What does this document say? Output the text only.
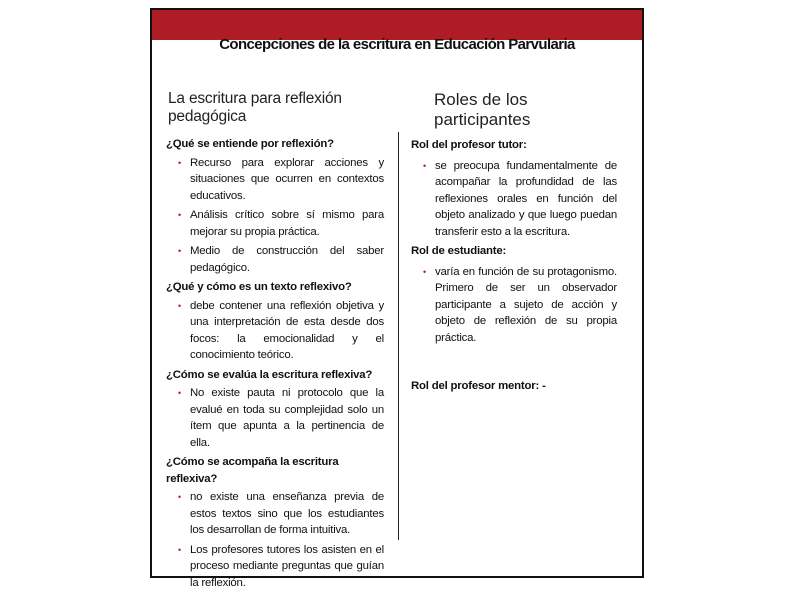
Concepciones de la escritura en Educación Parvularia
La escritura para reflexión pedagógica
Roles de los participantes

¿Qué se entiende por reflexión?

• Recurso para explorar acciones y situaciones que ocurren en contextos educativos.
• Análisis crítico sobre sí mismo para mejorar su propia práctica.
• Medio de construcción del saber pedagógico.

¿Qué y cómo es un texto reflexivo?

• debe contener una reflexión objetiva y una interpretación de esta desde dos focos: la emocionalidad y el conocimiento teórico.

¿Cómo se evalúa la escritura reflexiva?

• No existe pauta ni protocolo que la evalué en toda su complejidad solo un ítem que apunta a la pertinencia de ella.

¿Cómo se acompaña la escritura reflexiva?

• no existe una enseñanza previa de estos textos sino que los estudiantes los desarrollan de forma intuitiva.
• Los profesores tutores los asisten en el proceso mediante preguntas que guían la reflexión.

Rol del profesor tutor:

• se preocupa fundamentalmente de acompañar la profundidad de las reflexiones orales en función del objeto analizado y que luego puedan transferir esto a la escritura.

Rol de estudiante:

• varía en función de su protagonismo. Primero de ser un observador participante a sujeto de acción y objeto de reflexión de su propia práctica.

Rol del profesor mentor: -
